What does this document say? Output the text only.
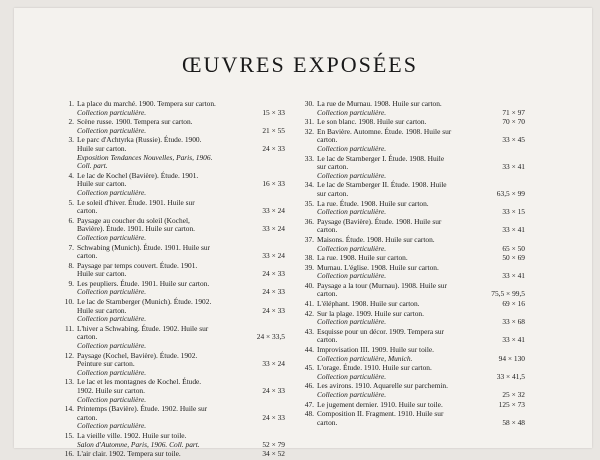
ŒUVRES EXPOSÉES
1. La place du marché. 1900. Tempera sur carton.
Collection particulière.	15 × 33
2. Scène russe. 1900. Tempera sur carton.
Collection particulière.	21 × 55
3. Le parc d'Achtyrka (Russie). Étude. 1900.
Huile sur carton.
Exposition Tendances Nouvelles, Paris, 1906.
Coll. part.
24 × 33
4. Le lac de Kochel (Bavière). Étude. 1901.
Huile sur carton.
Collection particulière.
16 × 33
5. Le soleil d'hiver. Étude. 1901. Huile sur
carton.	33 × 24
6. Paysage au coucher du soleil (Kochel,
Bavière). Étude. 1901. Huile sur carton.
Collection particulière.
33 × 24
7. Schwabing (Munich). Étude. 1901. Huile sur
carton.	33 × 24
8. Paysage par temps couvert. Étude. 1901.
Huile sur carton.	24 × 33
9. Les peupliers. Étude. 1901. Huile sur carton.
Collection particulière.	24 × 33
10. Le lac de Starnberger (Munich). Étude. 1902.
Huile sur carton.
Collection particulière.
24 × 33
11. L'hiver a Schwabing. Étude. 1902. Huile sur
carton.
Collection particulière.
24 × 33,5
12. Paysage (Kochel, Bavière). Étude. 1902.
Peinture sur carton.
Collection particulière.
33 × 24
13. Le lac et les montagnes de Kochel. Étude.
1902. Huile sur carton.
Collection particulière.
24 × 33
14. Printemps (Bavière). Étude. 1902. Huile sur
carton.
Collection particulière.
24 × 33
15. La vieille ville. 1902. Huile sur toile.
Salon d'Automne, Paris, 1906. Coll. part.	52 × 79
16. L'air clair. 1902. Tempera sur toile.	34 × 52
30. La rue de Murnau. 1908. Huile sur carton.
Collection particulière.	71 × 97
31. Le son blanc. 1908. Huile sur carton.	70 × 70
32. En Bavière. Automne. Étude. 1908. Huile sur
carton.
Collection particulière.
33 × 45
33. Le lac de Starnberger I. Étude. 1908. Huile
sur carton.
Collection particulière.
33 × 41
34. Le lac de Starnberger II. Étude. 1908. Huile
sur carton.	63,5 × 99
35. La rue. Étude. 1908. Huile sur carton.
Collection particulière.	33 × 15
36. Paysage (Bavière). Étude. 1908. Huile sur
carton.	33 × 41
37. Maisons. Étude. 1908. Huile sur carton.
Collection particulière.	65 × 50
38. La rue. 1908. Huile sur carton.	50 × 69
39. Murnau. L'église. 1908. Huile sur carton.
Collection particulière.	33 × 41
40. Paysage a la tour (Murnau). 1908. Huile sur
carton.	75,5 × 99,5
41. L'éléphant. 1908. Huile sur carton.	69 × 16
42. Sur la plage. 1909. Huile sur carton.
Collection particulière.	33 × 68
43. Esquisse pour un décor. 1909. Tempera sur
carton.	33 × 41
44. Improvisation III. 1909. Huile sur toile.
Collection particulière, Munich.	94 × 130
45. L'orage. Étude. 1910. Huile sur carton.
Collection particulière.	33 × 41,5
46. Les avirons. 1910. Aquarelle sur parchemin.
Collection particulière.	25 × 32
47. Le jugement dernier. 1910. Huile sur toile.	125 × 73
48. Composition II. Fragment. 1910. Huile sur
carton.	58 × 48
